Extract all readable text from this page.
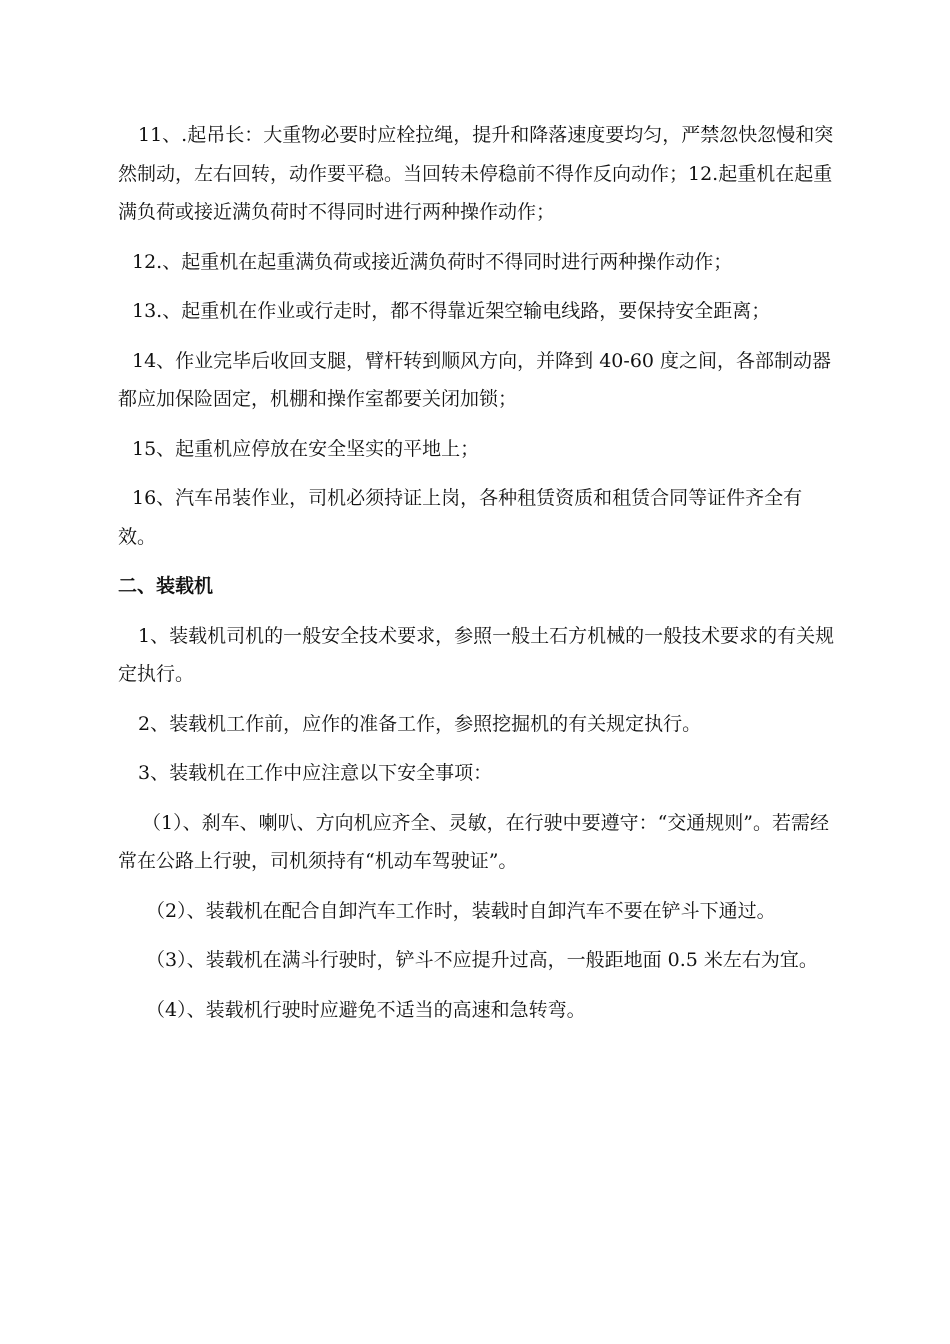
11、.起吊长：大重物必要时应栓拉绳，提升和降落速度要均匀，严禁忽快忽慢和突然制动，左右回转，动作要平稳。当回转未停稳前不得作反向动作；12.起重机在起重满负荷或接近满负荷时不得同时进行两种操作动作；

12.、起重机在起重满负荷或接近满负荷时不得同时进行两种操作动作；

13.、起重机在作业或行走时，都不得靠近架空输电线路，要保持安全距离；

14、作业完毕后收回支腿，臂杆转到顺风方向，并降到 40-60 度之间，各部制动器都应加保险固定，机棚和操作室都要关闭加锁；

15、起重机应停放在安全坚实的平地上；

16、汽车吊装作业，司机必须持证上岗，各种租赁资质和租赁合同等证件齐全有效。

二、装载机

1、装载机司机的一般安全技术要求，参照一般土石方机械的一般技术要求的有关规定执行。

2、装载机工作前，应作的准备工作，参照挖掘机的有关规定执行。

3、装载机在工作中应注意以下安全事项：

（1）、刹车、喇叭、方向机应齐全、灵敏，在行驶中要遵守：“交通规则”。若需经常在公路上行驶，司机须持有“机动车驾驶证”。

（2）、装载机在配合自卸汽车工作时，装载时自卸汽车不要在铲斗下通过。

（3）、装载机在满斗行驶时，铲斗不应提升过高，一般距地面 0.5 米左右为宜。

（4）、装载机行驶时应避免不适当的高速和急转弯。
